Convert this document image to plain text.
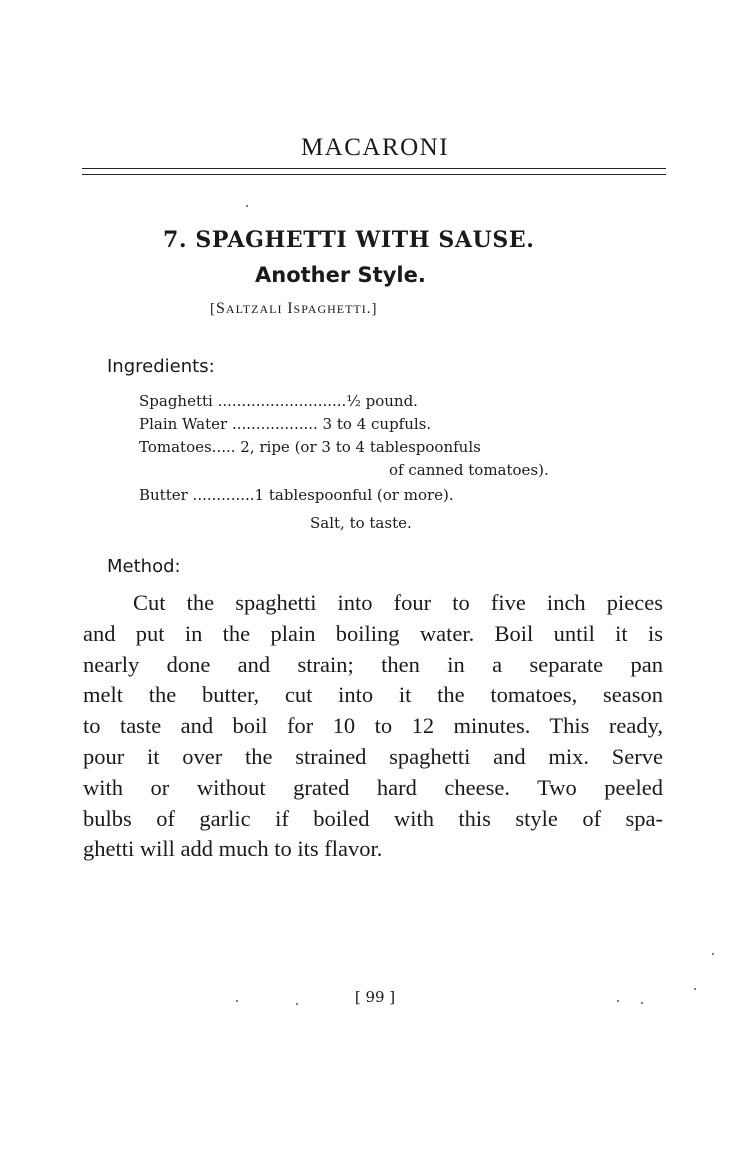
MACARONI
7. SPAGHETTI WITH SAUSE.
Another Style.
[SALTZALI ISPAGHETTI.]
Ingredients:
Spaghetti ...........................½ pound.
Plain Water .................. 3 to 4 cupfuls.
Tomatoes..... 2, ripe (or 3 to 4 tablespoonfuls
of canned tomatoes).
Butter .............1 tablespoonful (or more).
Salt, to taste.
Method:
Cut the spaghetti into four to five inch pieces
and put in the plain boiling water. Boil until it is
nearly done and strain; then in a separate pan
melt the butter, cut into it the tomatoes, season
to taste and boil for 10 to 12 minutes. This ready,
pour it over the strained spaghetti and mix. Serve
with or without grated hard cheese. Two peeled
bulbs of garlic if boiled with this style of spa-
ghetti will add much to its flavor.
[ 99 ]
